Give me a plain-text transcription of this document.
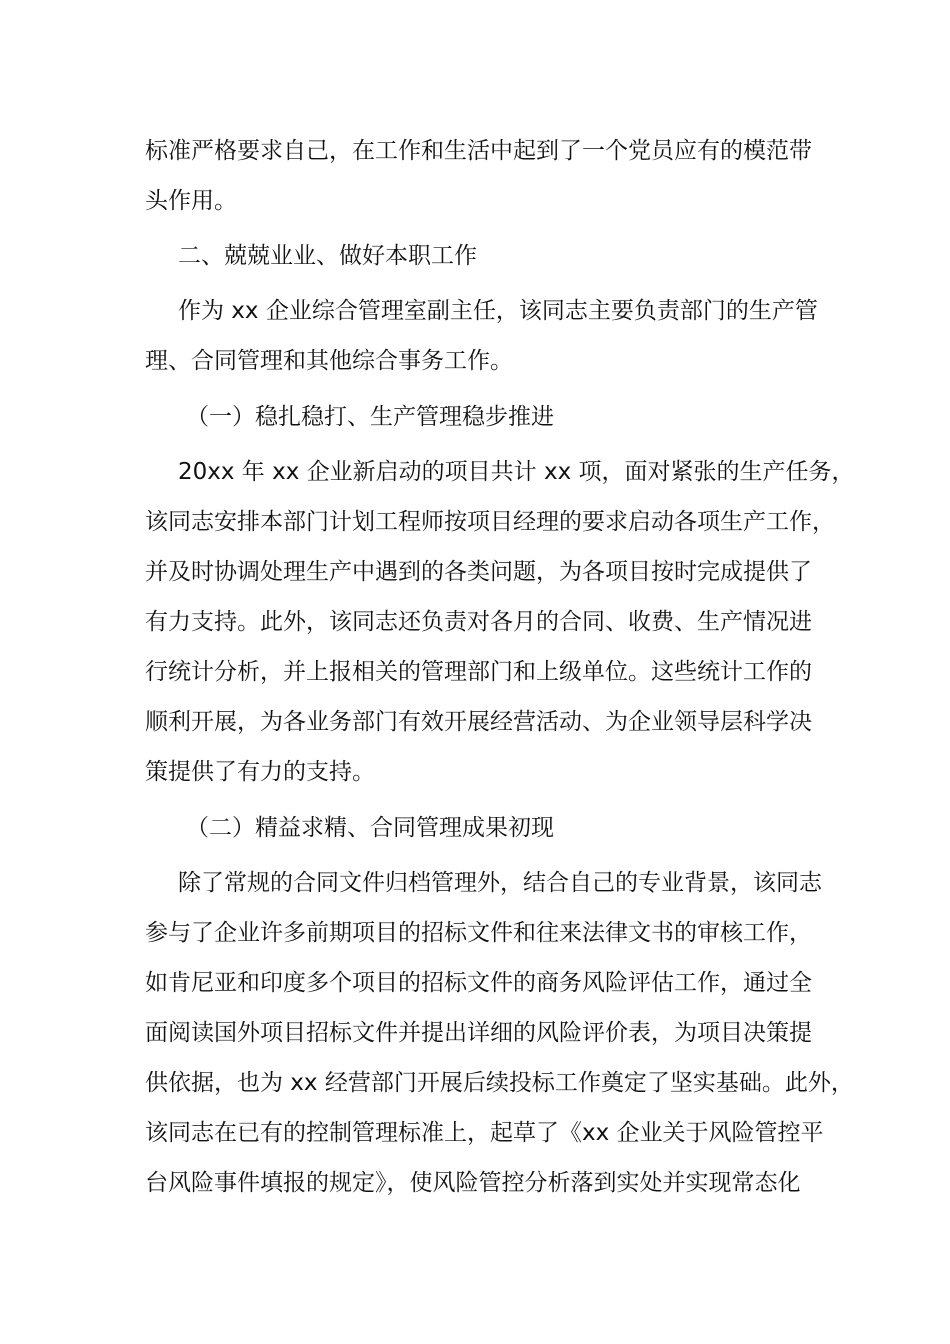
标准严格要求自己，在工作和生活中起到了一个党员应有的模范带
头作用。
二、兢兢业业、做好本职工作
作为 xx 企业综合管理室副主任，该同志主要负责部门的生产管
理、合同管理和其他综合事务工作。
（一）稳扎稳打、生产管理稳步推进
20xx 年 xx 企业新启动的项目共计 xx 项，面对紧张的生产任务，
该同志安排本部门计划工程师按项目经理的要求启动各项生产工作，
并及时协调处理生产中遇到的各类问题，为各项目按时完成提供了
有力支持。此外，该同志还负责对各月的合同、收费、生产情况进
行统计分析，并上报相关的管理部门和上级单位。这些统计工作的
顺利开展，为各业务部门有效开展经营活动、为企业领导层科学决
策提供了有力的支持。
（二）精益求精、合同管理成果初现
除了常规的合同文件归档管理外，结合自己的专业背景，该同志
参与了企业许多前期项目的招标文件和往来法律文书的审核工作，
如肯尼亚和印度多个项目的招标文件的商务风险评估工作，通过全
面阅读国外项目招标文件并提出详细的风险评价表，为项目决策提
供依据，也为 xx 经营部门开展后续投标工作奠定了坚实基础。此外，
该同志在已有的控制管理标准上，起草了《xx 企业关于风险管控平
台风险事件填报的规定》，使风险管控分析落到实处并实现常态化
